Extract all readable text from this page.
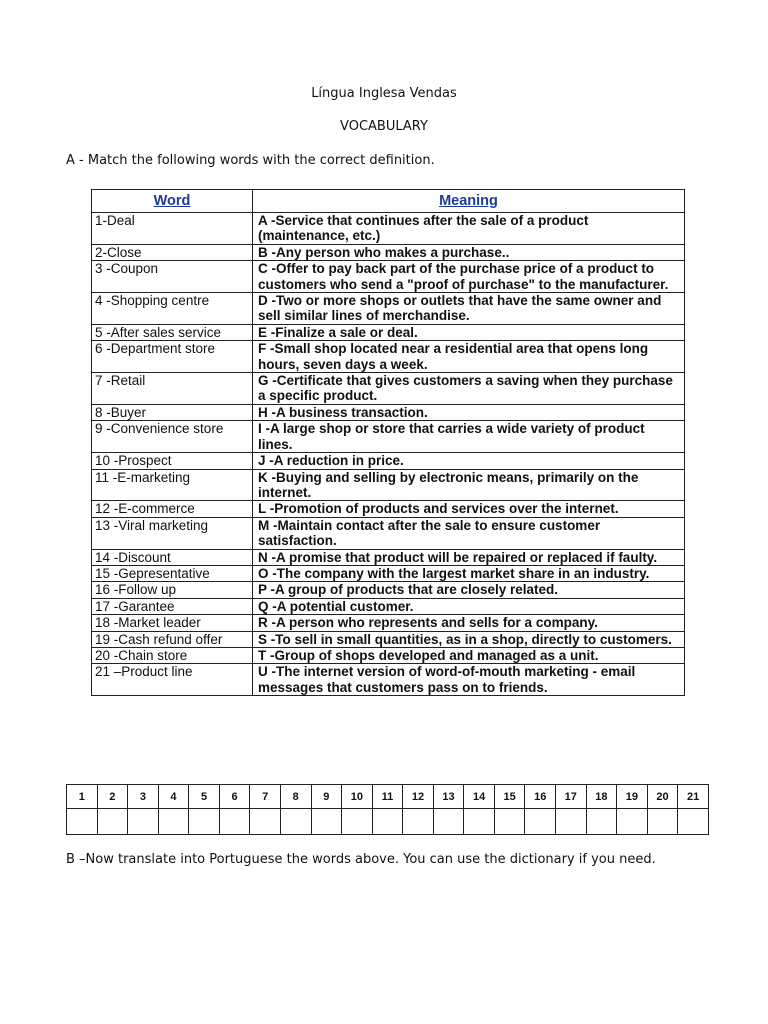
Língua Inglesa Vendas
VOCABULARY
A - Match the following words with the correct definition.
Word	Meaning
1-Deal	A -Service that continues after the sale of a product (maintenance, etc.)
2-Close	B -Any person who makes a purchase..
3 -Coupon	C -Offer to pay back part of the purchase price of a product to customers who send a "proof of purchase" to the manufacturer.
4 -Shopping centre	D -Two or more shops or outlets that have the same owner and sell similar lines of merchandise.
5 -After sales service	E -Finalize a sale or deal.
6 -Department store	F -Small shop located near a residential area that opens long hours, seven days a week.
7 -Retail	G -Certificate that gives customers a saving when they purchase a specific product.
8 -Buyer	H -A business transaction.
9 -Convenience store	I -A large shop or store that carries a wide variety of product lines.
10 -Prospect	J -A reduction in price.
11 -E-marketing	K -Buying and selling by electronic means, primarily on the internet.
12 -E-commerce	L -Promotion of products and services over the internet.
13 -Viral marketing	M -Maintain contact after the sale to ensure customer satisfaction.
14 -Discount	N -A promise that product will be repaired or replaced if faulty.
15 -Gepresentative	O -The company with the largest market share in an industry.
16 -Follow up	P -A group of products that are closely related.
17 -Garantee	Q -A potential customer.
18 -Market leader	R -A person who represents and sells for a company.
19 -Cash refund offer	S -To sell in small quantities, as in a shop, directly to customers.
20 -Chain store	T -Group of shops developed and managed as a unit.
21 –Product line	U -The internet version of word-of-mouth marketing - email messages that customers pass on to friends.
1	2	3	4	5	6	7	8	9	10	11	12	13	14	15	16	17	18	19	20	21

B –Now translate into Portuguese the words above. You can use the dictionary if you need.
